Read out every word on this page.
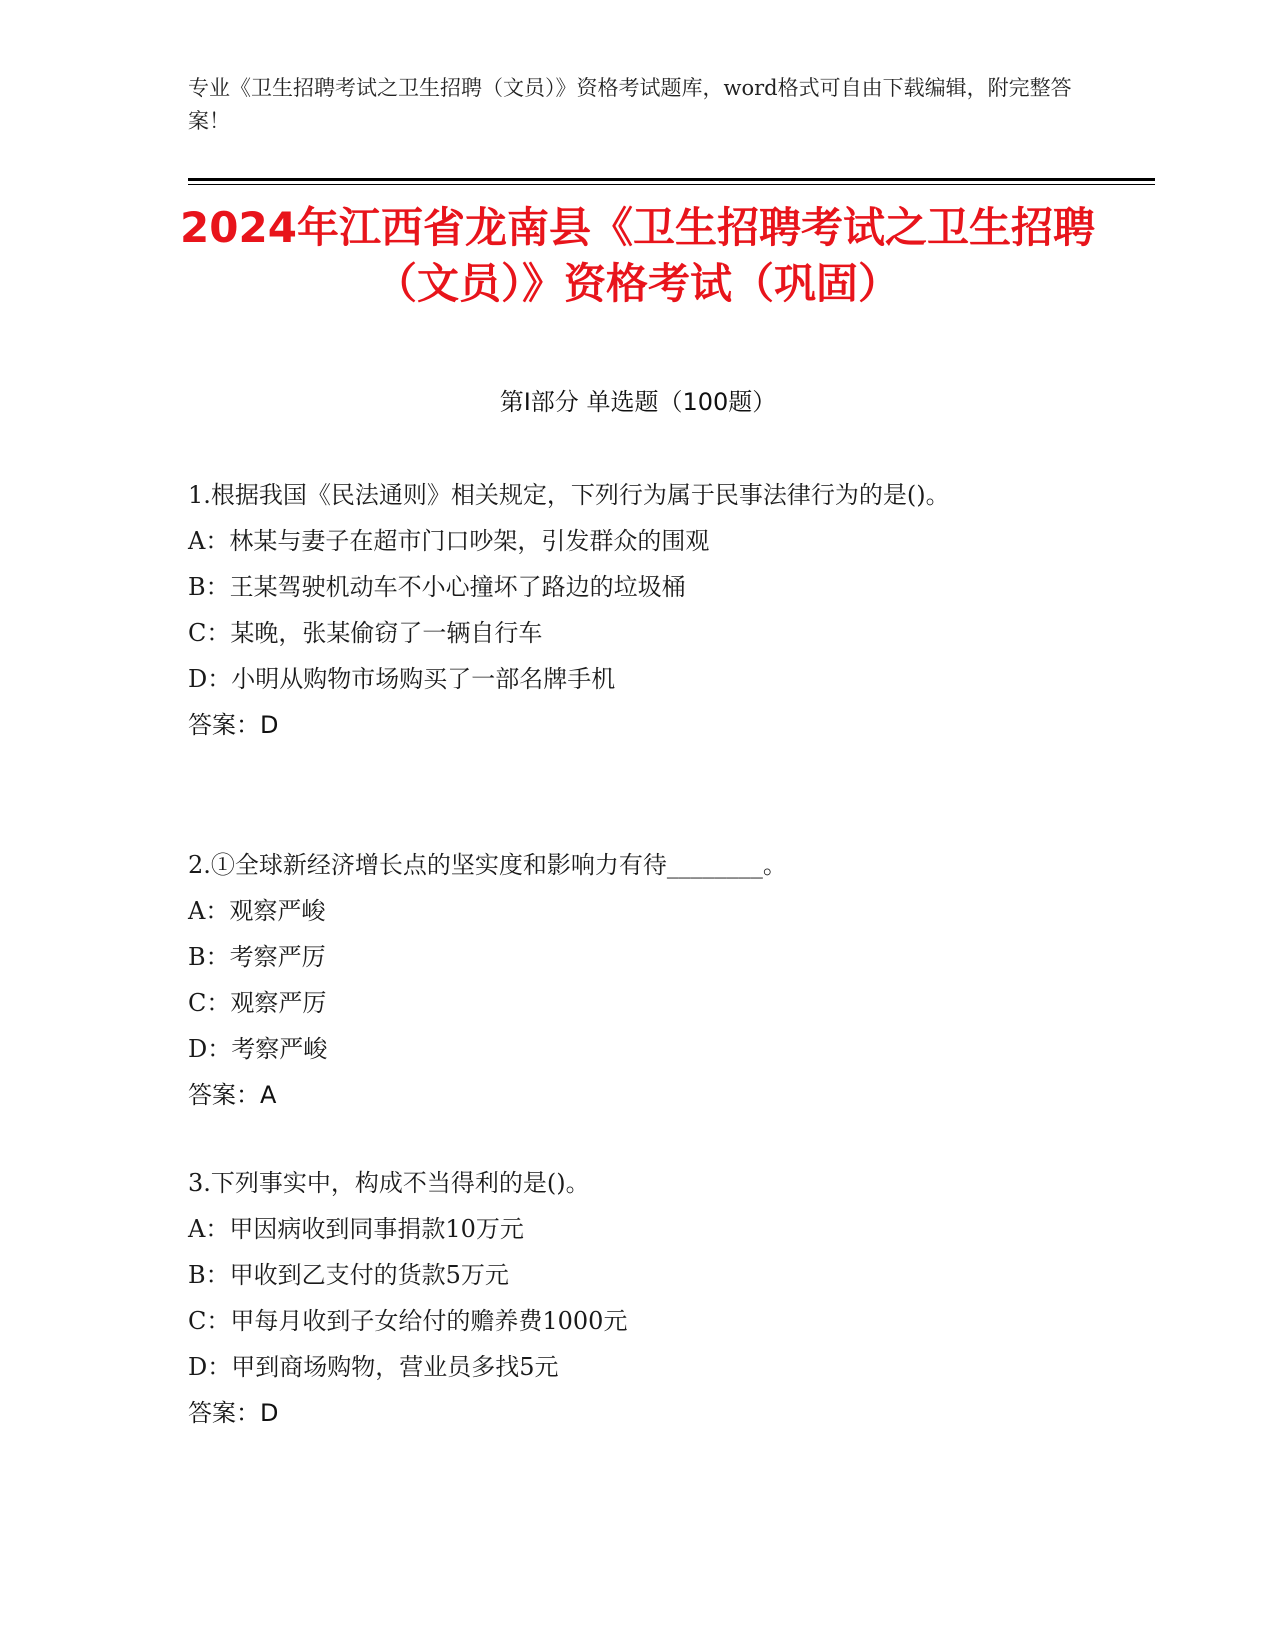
专业《卫生招聘考试之卫生招聘（文员）》资格考试题库，word格式可自由下载编辑，附完整答案！
2024年江西省龙南县《卫生招聘考试之卫生招聘（文员）》资格考试（巩固）
第I部分 单选题（100题）
1.根据我国《民法通则》相关规定，下列行为属于民事法律行为的是()。
A：林某与妻子在超市门口吵架，引发群众的围观
B：王某驾驶机动车不小心撞坏了路边的垃圾桶
C：某晚，张某偷窃了一辆自行车
D：小明从购物市场购买了一部名牌手机
答案：D
2.①全球新经济增长点的坚实度和影响力有待________。
A：观察严峻
B：考察严厉
C：观察严厉
D：考察严峻
答案：A
3.下列事实中，构成不当得利的是()。
A：甲因病收到同事捐款10万元
B：甲收到乙支付的货款5万元
C：甲每月收到子女给付的赡养费1000元
D：甲到商场购物，营业员多找5元
答案：D
